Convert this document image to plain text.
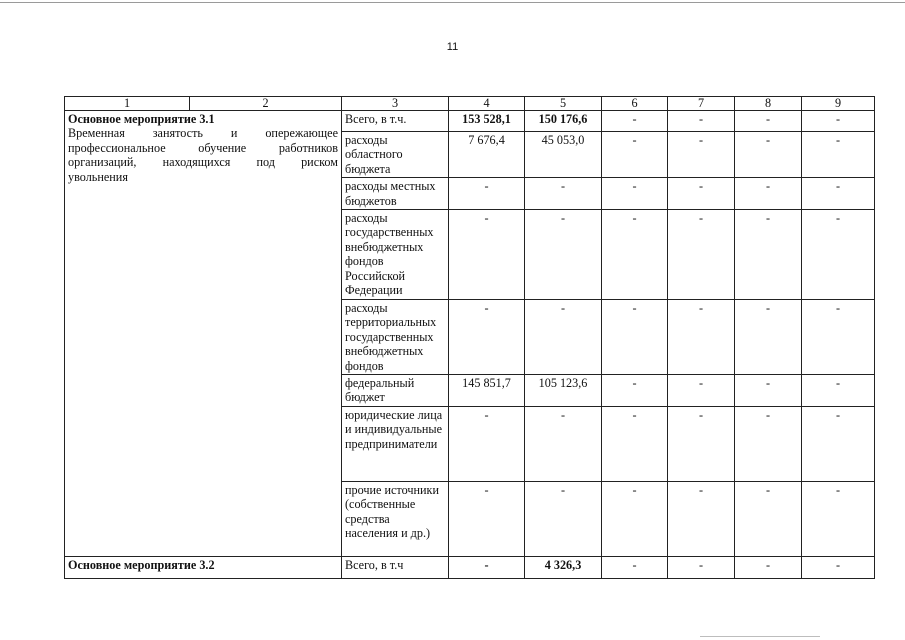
11
1	2	3	4	5	6	7	8	9

Основное мероприятие 3.1
Временная занятость и опережающее
профессиональное обучение работников
организаций, находящихся под риском
увольнения		Всего, в т.ч.	153 528,1	150 176,6	-	-	-	-
		расходы областного бюджета	7 676,4	45 053,0	-	-	-	-
		расходы местных бюджетов	-	-	-	-	-	-
		расходы государственных внебюджетных фондов Российской Федерации	-	-	-	-	-	-
		расходы территориальных государственных внебюджетных фондов	-	-	-	-	-	-
		федеральный бюджет	145 851,7	105 123,6	-	-	-	-
		юридические лица и индивидуальные предприниматели	-	-	-	-	-	-
		прочие источники (собственные средства населения и др.)	-	-	-	-	-	-
Основное мероприятие 3.2		Всего, в т.ч	-	4 326,3	-	-	-	-
